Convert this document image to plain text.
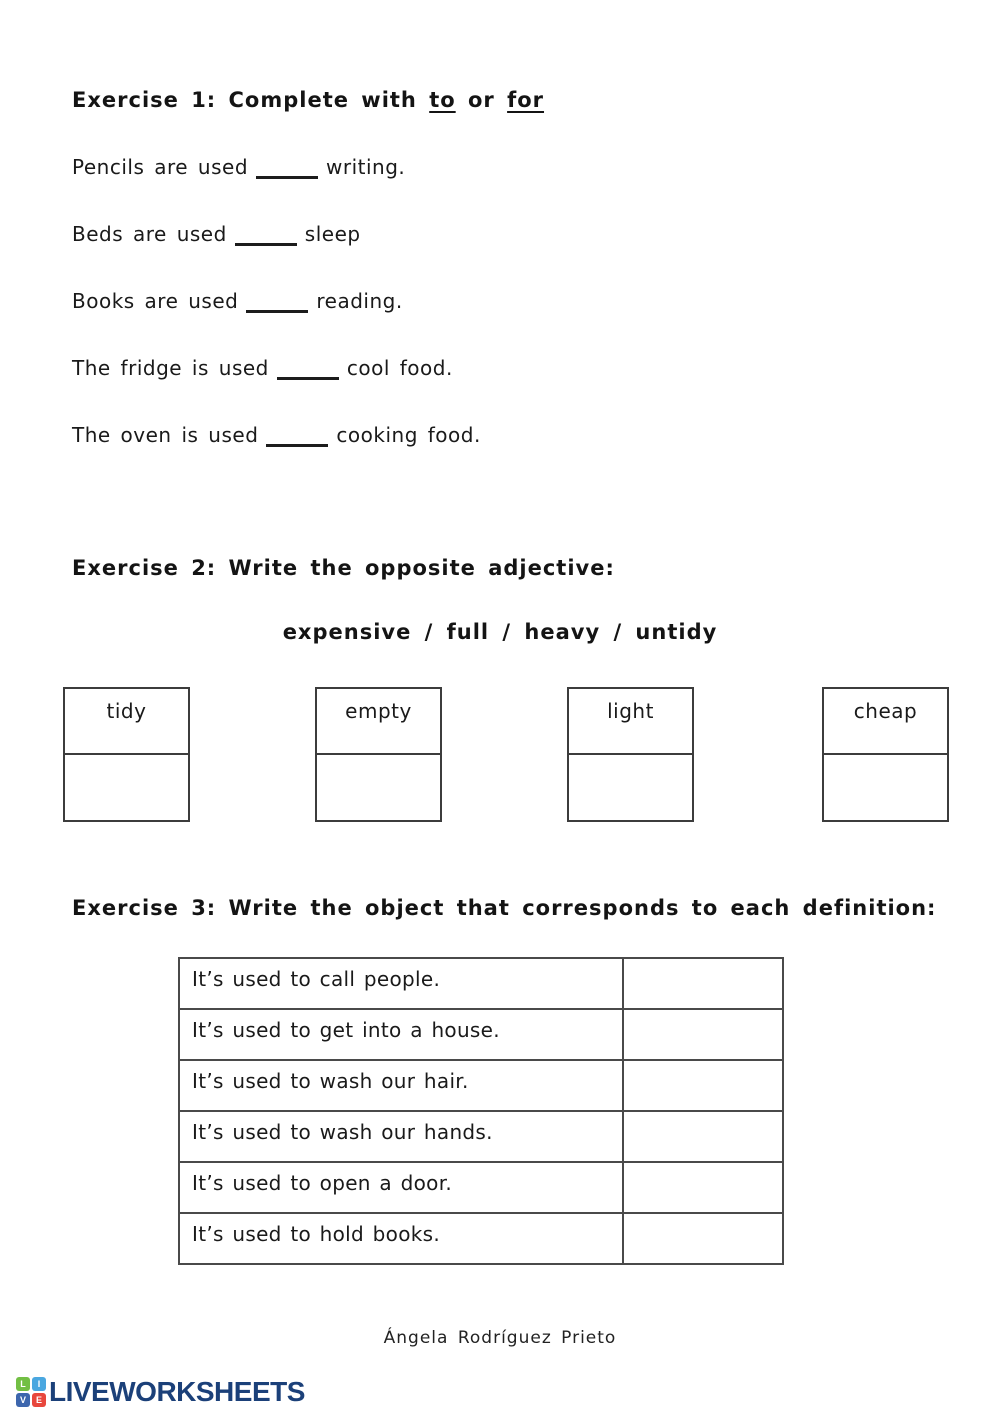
Exercise 1: Complete with to or for
Pencils are used	writing.
Beds are used	sleep
Books are used	reading.
The fridge is used	cool food.
The oven is used	cooking food.
Exercise 2: Write the opposite adjective:
expensive / full / heavy / untidy
tidy	empty	light	cheap
Exercise 3: Write the object that corresponds to each definition:
It’s used to call people.	
It’s used to get into a house.	
It’s used to wash our hair.	
It’s used to wash our hands.	
It’s used to open a door.	
It’s used to hold books.	
Ángela Rodríguez Prieto
L	I
V	E LIVEWORKSHEETS
